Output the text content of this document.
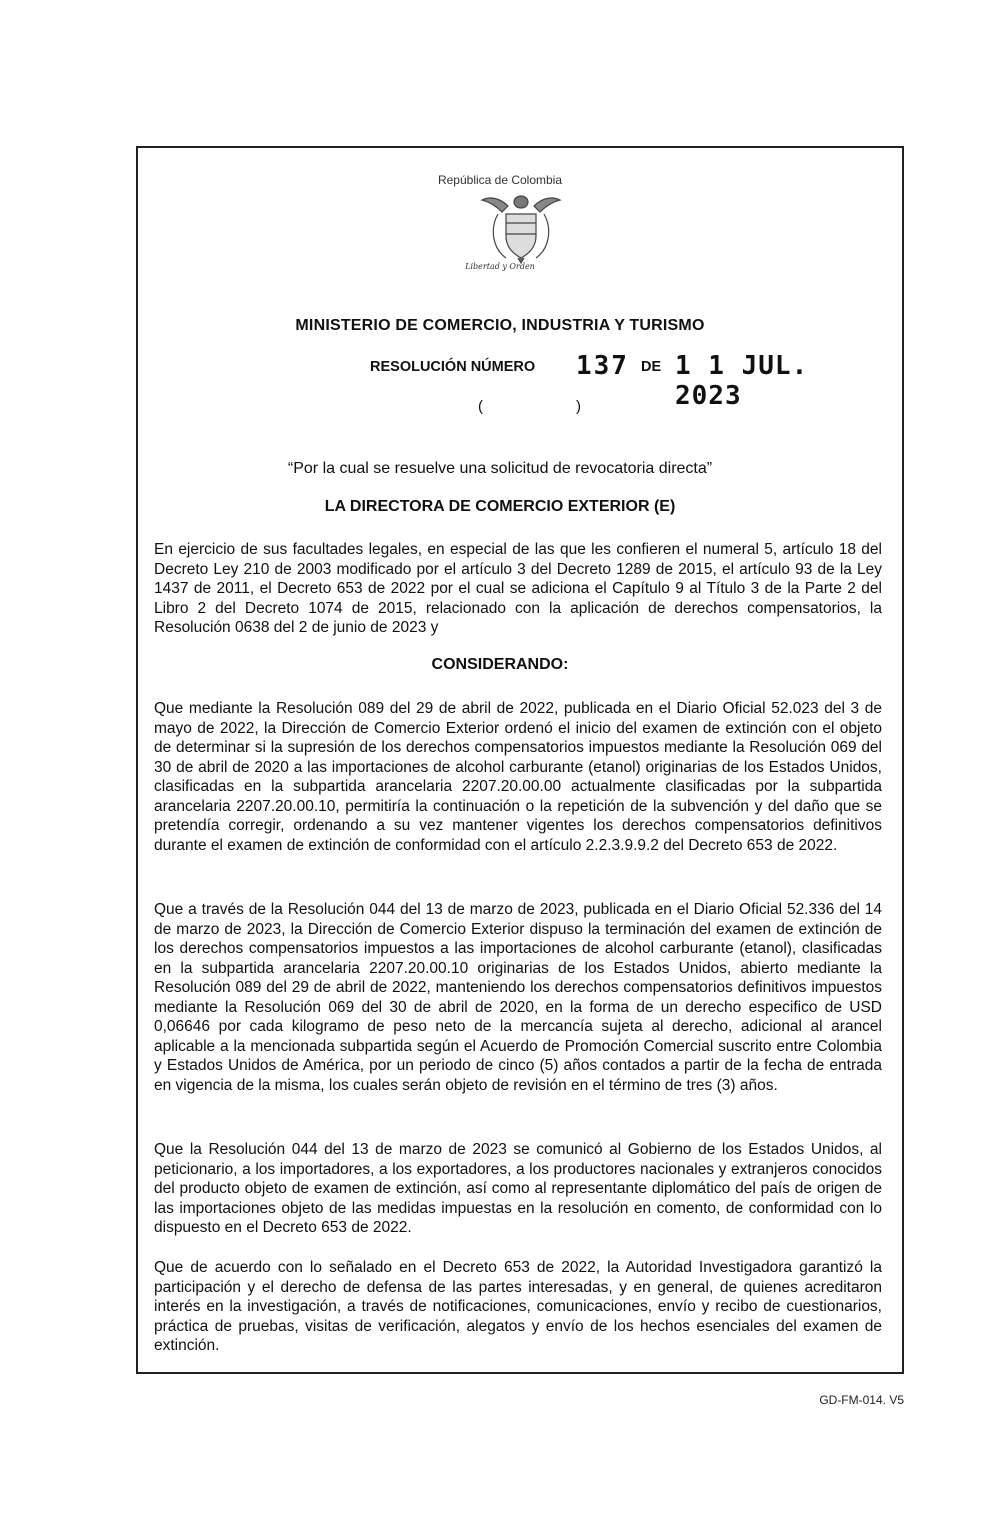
República de Colombia
Libertad y Orden
MINISTERIO DE COMERCIO, INDUSTRIA Y TURISMO
RESOLUCIÓN NÚMERO 137 DE 1 1 JUL. 2023
(	)
“Por la cual se resuelve una solicitud de revocatoria directa”
LA DIRECTORA DE COMERCIO EXTERIOR (E)

En ejercicio de sus facultades legales, en especial de las que les confieren el numeral 5, artículo 18 del Decreto Ley 210 de 2003 modificado por el artículo 3 del Decreto 1289 de 2015, el artículo 93 de la Ley 1437 de 2011, el Decreto 653 de 2022 por el cual se adiciona el Capítulo 9 al Título 3 de la Parte 2 del Libro 2 del Decreto 1074 de 2015, relacionado con la aplicación de derechos compensatorios, la Resolución 0638 del 2 de junio de 2023 y

CONSIDERANDO:

Que mediante la Resolución 089 del 29 de abril de 2022, publicada en el Diario Oficial 52.023 del 3 de mayo de 2022, la Dirección de Comercio Exterior ordenó el inicio del examen de extinción con el objeto de determinar si la supresión de los derechos compensatorios impuestos mediante la Resolución 069 del 30 de abril de 2020 a las importaciones de alcohol carburante (etanol) originarias de los Estados Unidos, clasificadas en la subpartida arancelaria 2207.20.00.00 actualmente clasificadas por la subpartida arancelaria 2207.20.00.10, permitiría la continuación o la repetición de la subvención y del daño que se pretendía corregir, ordenando a su vez mantener vigentes los derechos compensatorios definitivos durante el examen de extinción de conformidad con el artículo 2.2.3.9.9.2 del Decreto 653 de 2022.

Que a través de la Resolución 044 del 13 de marzo de 2023, publicada en el Diario Oficial 52.336 del 14 de marzo de 2023, la Dirección de Comercio Exterior dispuso la terminación del examen de extinción de los derechos compensatorios impuestos a las importaciones de alcohol carburante (etanol), clasificadas en la subpartida arancelaria 2207.20.00.10 originarias de los Estados Unidos, abierto mediante la Resolución 089 del 29 de abril de 2022, manteniendo los derechos compensatorios definitivos impuestos mediante la Resolución 069 del 30 de abril de 2020, en la forma de un derecho especifico de USD 0,06646 por cada kilogramo de peso neto de la mercancía sujeta al derecho, adicional al arancel aplicable a la mencionada subpartida según el Acuerdo de Promoción Comercial suscrito entre Colombia y Estados Unidos de América, por un periodo de cinco (5) años contados a partir de la fecha de entrada en vigencia de la misma, los cuales serán objeto de revisión en el término de tres (3) años.

Que la Resolución 044 del 13 de marzo de 2023 se comunicó al Gobierno de los Estados Unidos, al peticionario, a los importadores, a los exportadores, a los productores nacionales y extranjeros conocidos del producto objeto de examen de extinción, así como al representante diplomático del país de origen de las importaciones objeto de las medidas impuestas en la resolución en comento, de conformidad con lo dispuesto en el Decreto 653 de 2022.

Que de acuerdo con lo señalado en el Decreto 653 de 2022, la Autoridad Investigadora garantizó la participación y el derecho de defensa de las partes interesadas, y en general, de quienes acreditaron interés en la investigación, a través de notificaciones, comunicaciones, envío y recibo de cuestionarios, práctica de pruebas, visitas de verificación, alegatos y envío de los hechos esenciales del examen de extinción.

GD-FM-014. V5
